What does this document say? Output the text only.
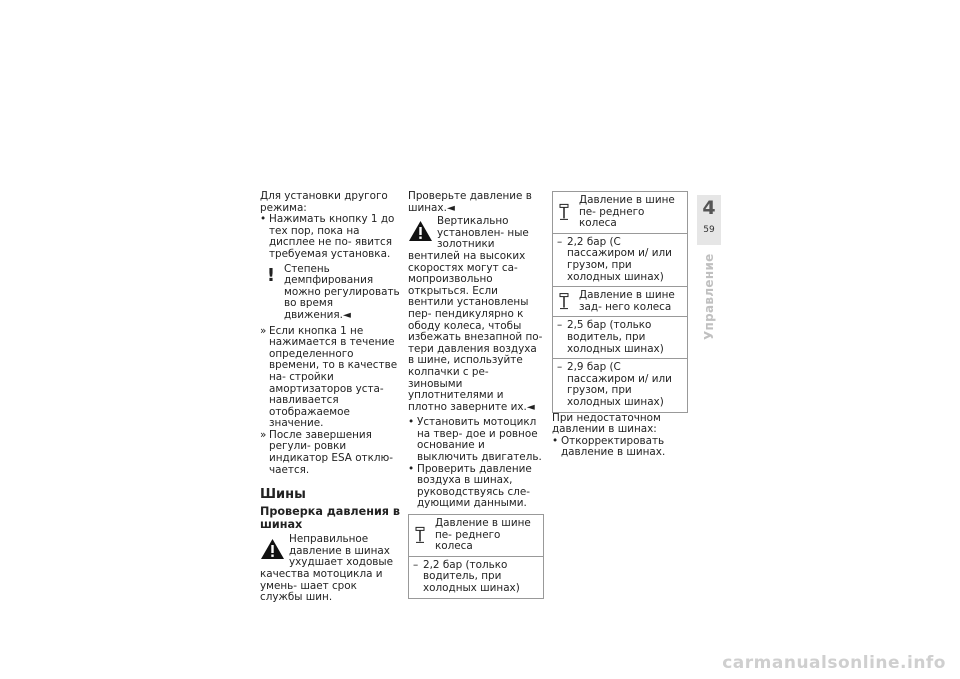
Для установки другого режима:

• Нажимать кнопку 1 до тех пор, пока на дисплее не по- явится требуемая установка.
! Степень демпфирования можно регулировать во время движения.◄
» Если кнопка 1 не нажимается в течение определенного времени, то в качестве на- стройки амортизаторов уста- навливается отображаемое значение.
» После завершения регули- ровки индикатор ESA отклю- чается.
Шины
Проверка давления в шинах
Неправильное давление в шинах ухудшает ходовые качества мотоцикла и умень- шает срок службы шин.

Проверьте давление в шинах.◄

Вертикально установлен- ные золотники вентилей на высоких скоростях могут са- мопроизвольно открыться. Если вентили установлены пер- пендикулярно к ободу колеса, чтобы избежать внезапной по- тери давления воздуха в шине, используйте колпачки с ре- зиновыми уплотнителями и плотно заверните их.◄
• Установить мотоцикл на твер- дое и ровное основание и выключить двигатель.
• Проверить давление воздуха в шинах, руководствуясь сле- дующими данными.
Давление в шине пе- реднего колеса
– 2,2 бар (только водитель, при холодных шинах)
Давление в шине пе- реднего колеса
– 2,2 бар (С пассажиром и/ или грузом, при холодных шинах)
Давление в шине зад- него колеса
– 2,5 бар (только водитель, при холодных шинах)
– 2,9 бар (С пассажиром и/ или грузом, при холодных шинах)

При недостаточном давлении в шинах:

• Откорректировать давление в шинах.
4
59
Управление
carmanualsonline.info
